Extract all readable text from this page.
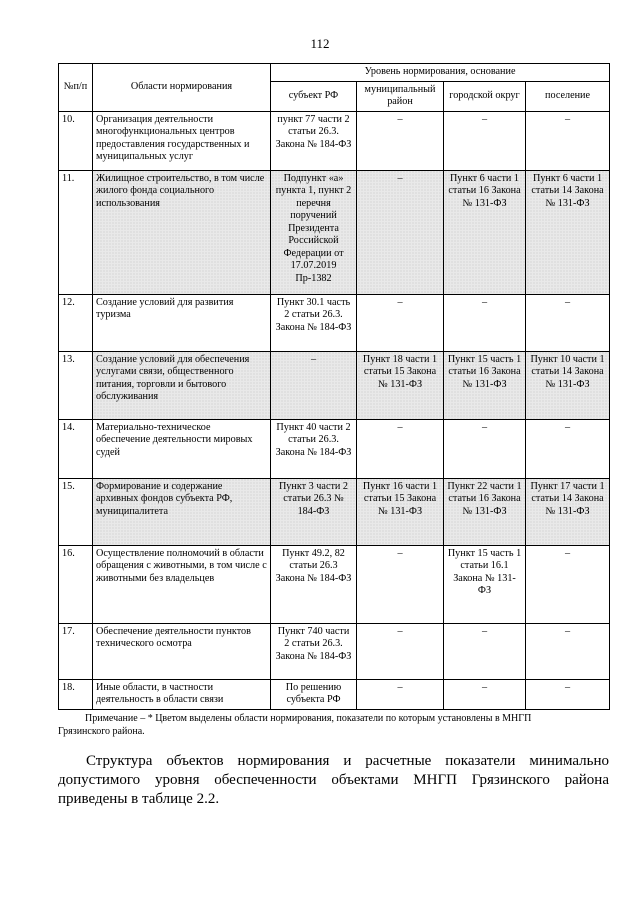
112
№п/п	Области нормирования	Уровень нормирования, основание			
		субъект РФ	муниципальный район	городской округ	поселение
10.	Организация деятельности многофункциональных центров предоставления государственных и муниципальных услуг	пункт 77 части 2 статьи 26.3. Закона № 184-ФЗ	–	–	–
11.	Жилищное строительство, в том числе жилого фонда социального использования	Подпункт «а» пункта 1, пункт 2 перечня поручений Президента Российской Федерации от 17.07.2019 Пр-1382	–	Пункт 6 части 1 статьи 16 Закона № 131-ФЗ	Пункт 6 части 1 статьи 14 Закона № 131-ФЗ
12.	Создание условий для развития туризма	Пункт 30.1 часть 2 статьи 26.3. Закона № 184-ФЗ	–	–	–
13.	Создание условий для обеспечения услугами связи, общественного питания, торговли и бытового обслуживания	–	Пункт 18 части 1 статьи 15 Закона № 131-ФЗ	Пункт 15 часть 1 статьи 16 Закона № 131-ФЗ	Пункт 10 части 1 статьи 14 Закона № 131-ФЗ
14.	Материально-техническое обеспечение деятельности мировых судей	Пункт 40 части 2 статьи 26.3. Закона № 184-ФЗ	–	–	–
15.	Формирование и содержание архивных фондов субъекта РФ, муниципалитета	Пункт 3 части 2 статьи 26.3 № 184-ФЗ	Пункт 16 части 1 статьи 15 Закона № 131-ФЗ	Пункт 22 части 1 статьи 16 Закона № 131-ФЗ	Пункт 17 части 1 статьи 14 Закона № 131-ФЗ
16.	Осуществление полномочий в области обращения с животными, в том числе с животными без владельцев	Пункт 49.2, 82 статьи 26.3 Закона № 184-ФЗ	–	Пункт 15 часть 1 статьи 16.1 Закона № 131-ФЗ	–
17.	Обеспечение деятельности пунктов технического осмотра	Пункт 740 части 2 статьи 26.3. Закона № 184-ФЗ	–	–	–
18.	Иные области, в частности деятельность в области связи	По решению субъекта РФ	–	–	–
Примечание – * Цветом выделены области нормирования, показатели по которым установлены в МНГП
Грязинского района.

Структура объектов нормирования и расчетные показатели минимально допустимого уровня обеспеченности объектами МНГП Грязинского района приведены в таблице 2.2.
